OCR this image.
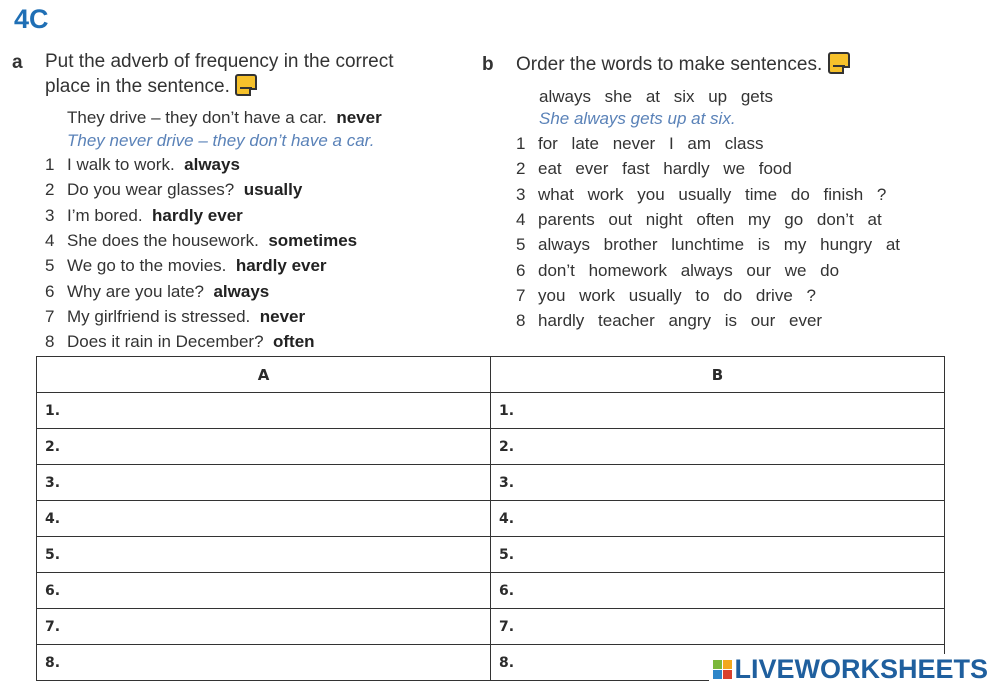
4C
a Put the adverb of frequency in the correct
place in the sentence.
They drive – they don’t have a car. never
They never drive – they don’t have a car.
1 I walk to work. always
2 Do you wear glasses? usually
3 I’m bored. hardly ever
4 She does the housework. sometimes
5 We go to the movies. hardly ever
6 Why are you late? always
7 My girlfriend is stressed. never
8 Does it rain in December? often
b Order the words to make sentences.
always she at six up gets
She always gets up at six.
1 for late never I am class
2 eat ever fast hardly we food
3 what work you usually time do finish ?
4 parents out night often my go don’t at
5 always brother lunchtime is my hungry at
6 don’t homework always our we do
7 you work usually to do drive ?
8 hardly teacher angry is our ever
A	B
1.	1.
2.	2.
3.	3.
4.	4.
5.	5.
6.	6.
7.	7.
8.	8.	LIVEWORKSHEETS
